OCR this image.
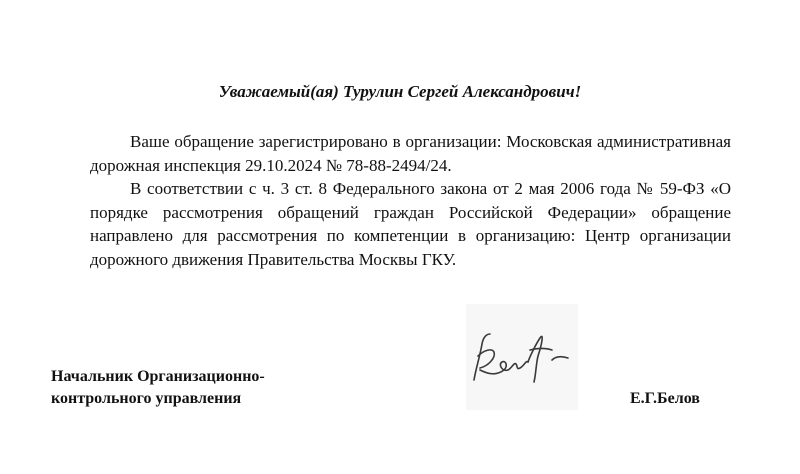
Уважаемый(ая) Турулин Сергей Александрович!

Ваше обращение зарегистрировано в организации: Московская административная дорожная инспекция 29.10.2024 № 78-88-2494/24.

В соответствии с ч. 3 ст. 8 Федерального закона от 2 мая 2006 года № 59-ФЗ «О порядке рассмотрения обращений граждан Российской Федерации» обращение направлено для рассмотрения по компетенции в организацию: Центр организации дорожного движения Правительства Москвы ГКУ.

Начальник Организационно-
контрольного управления	Е.Г.Белов
